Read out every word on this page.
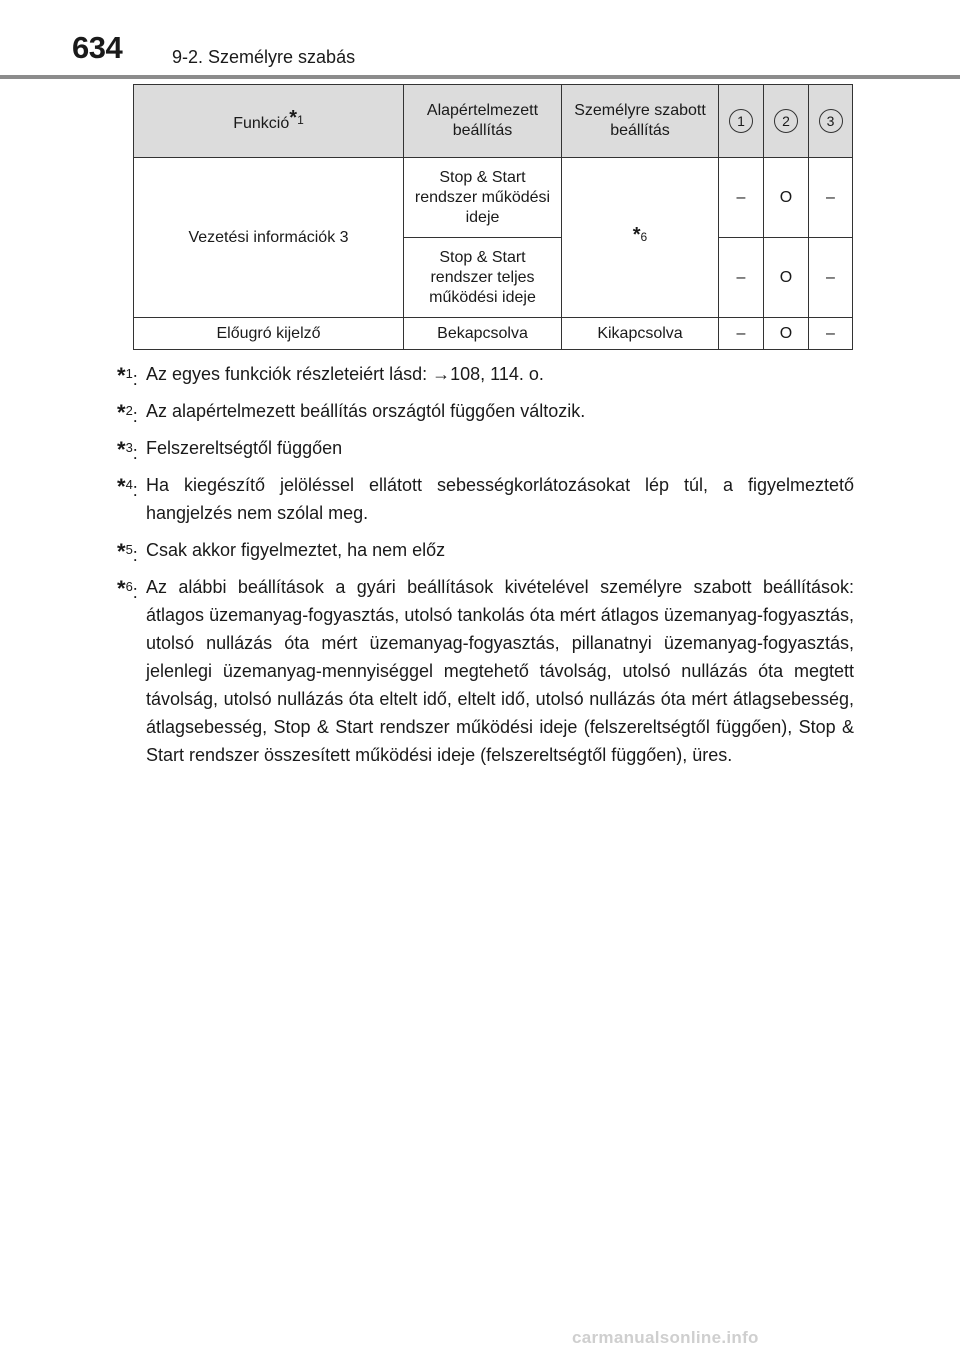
634	9-2. Személyre szabás
Funkció*$^1$	Alapértelmezett beállítás	Személyre szabott beállítás	1	2	3
Vezetési információk 3	Stop & Start rendszer működési ideje	*$^6$	–	O	–
	Stop & Start rendszer teljes működési ideje		–	O	–
Előugró kijelző	Bekapcsolva	Kikapcsolva	–	O	–
*$^1$: Az egyes funkciók részleteiért lásd: →108, 114. o.
*$^2$: Az alapértelmezett beállítás országtól függően változik.
*$^3$: Felszereltségtől függően
*$^4$: Ha kiegészítő jelöléssel ellátott sebességkorlátozásokat lép túl, a figyelmeztető hangjelzés nem szólal meg.
*$^5$: Csak akkor figyelmeztet, ha nem előz
*$^6$: Az alábbi beállítások a gyári beállítások kivételével személyre szabott beállítások: átlagos üzemanyag-fogyasztás, utolsó tankolás óta mért átlagos üzemanyag-fogyasztás, utolsó nullázás óta mért üzemanyag-fogyasztás, pillanatnyi üzemanyag-fogyasztás, jelenlegi üzemanyag-mennyiséggel megtehető távolság, utolsó nullázás óta megtett távolság, utolsó nullázás óta eltelt idő, eltelt idő, utolsó nullázás óta mért átlagsebesség, átlagsebesség, Stop & Start rendszer működési ideje (felszereltségtől függően), Stop & Start rendszer összesített működési ideje (felszereltségtől függően), üres.
carmanualsonline.info
